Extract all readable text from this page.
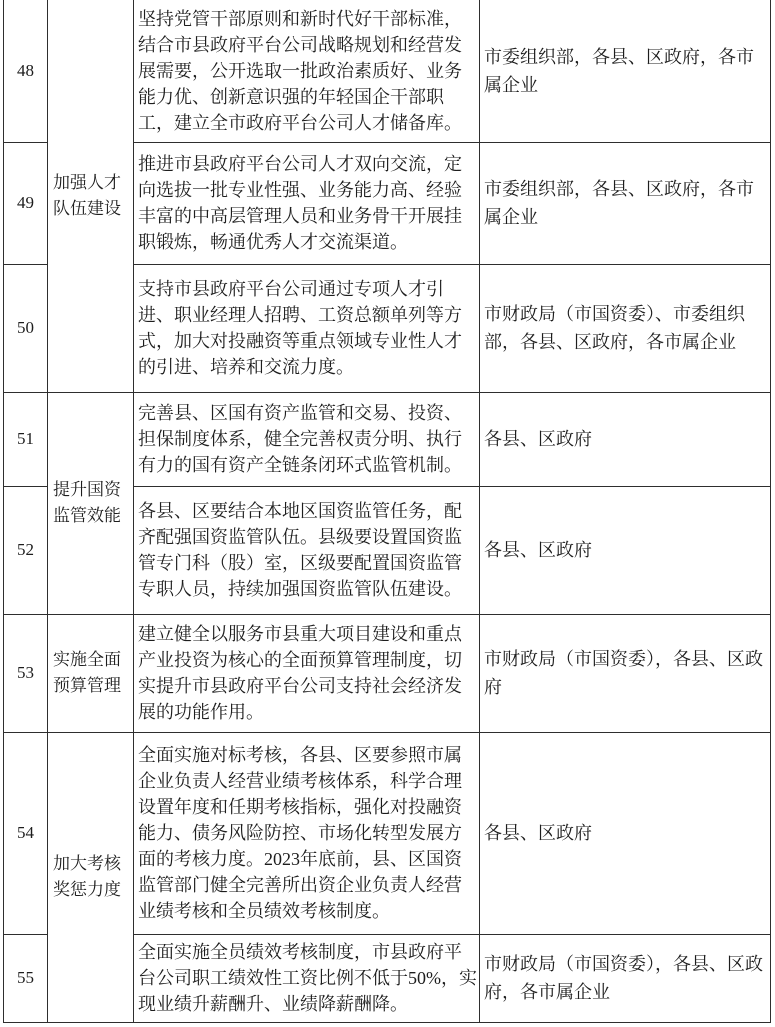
48	加强人才队伍建设	坚持党管干部原则和新时代好干部标准，结合市县政府平台公司战略规划和经营发展需要，公开选取一批政治素质好、业务能力优、创新意识强的年轻国企干部职工，建立全市政府平台公司人才储备库。	市委组织部，各县、区政府，各市属企业
49		推进市县政府平台公司人才双向交流，定向选拔一批专业性强、业务能力高、经验丰富的中高层管理人员和业务骨干开展挂职锻炼，畅通优秀人才交流渠道。	市委组织部，各县、区政府，各市属企业
50		支持市县政府平台公司通过专项人才引进、职业经理人招聘、工资总额单列等方式，加大对投融资等重点领域专业性人才的引进、培养和交流力度。	市财政局（市国资委）、市委组织部，各县、区政府，各市属企业
51	提升国资监管效能	完善县、区国有资产监管和交易、投资、担保制度体系，健全完善权责分明、执行有力的国有资产全链条闭环式监管机制。	各县、区政府
52		各县、区要结合本地区国资监管任务，配齐配强国资监管队伍。县级要设置国资监管专门科（股）室，区级要配置国资监管专职人员，持续加强国资监管队伍建设。	各县、区政府
53	实施全面预算管理	建立健全以服务市县重大项目建设和重点产业投资为核心的全面预算管理制度，切实提升市县政府平台公司支持社会经济发展的功能作用。	市财政局（市国资委），各县、区政府
54	加大考核奖惩力度	全面实施对标考核，各县、区要参照市属企业负责人经营业绩考核体系，科学合理设置年度和任期考核指标，强化对投融资能力、债务风险防控、市场化转型发展方面的考核力度。2023年底前，县、区国资监管部门健全完善所出资企业负责人经营业绩考核和全员绩效考核制度。	各县、区政府
55		全面实施全员绩效考核制度，市县政府平台公司职工绩效性工资比例不低于50%，实现业绩升薪酬升、业绩降薪酬降。	市财政局（市国资委），各县、区政府，各市属企业
